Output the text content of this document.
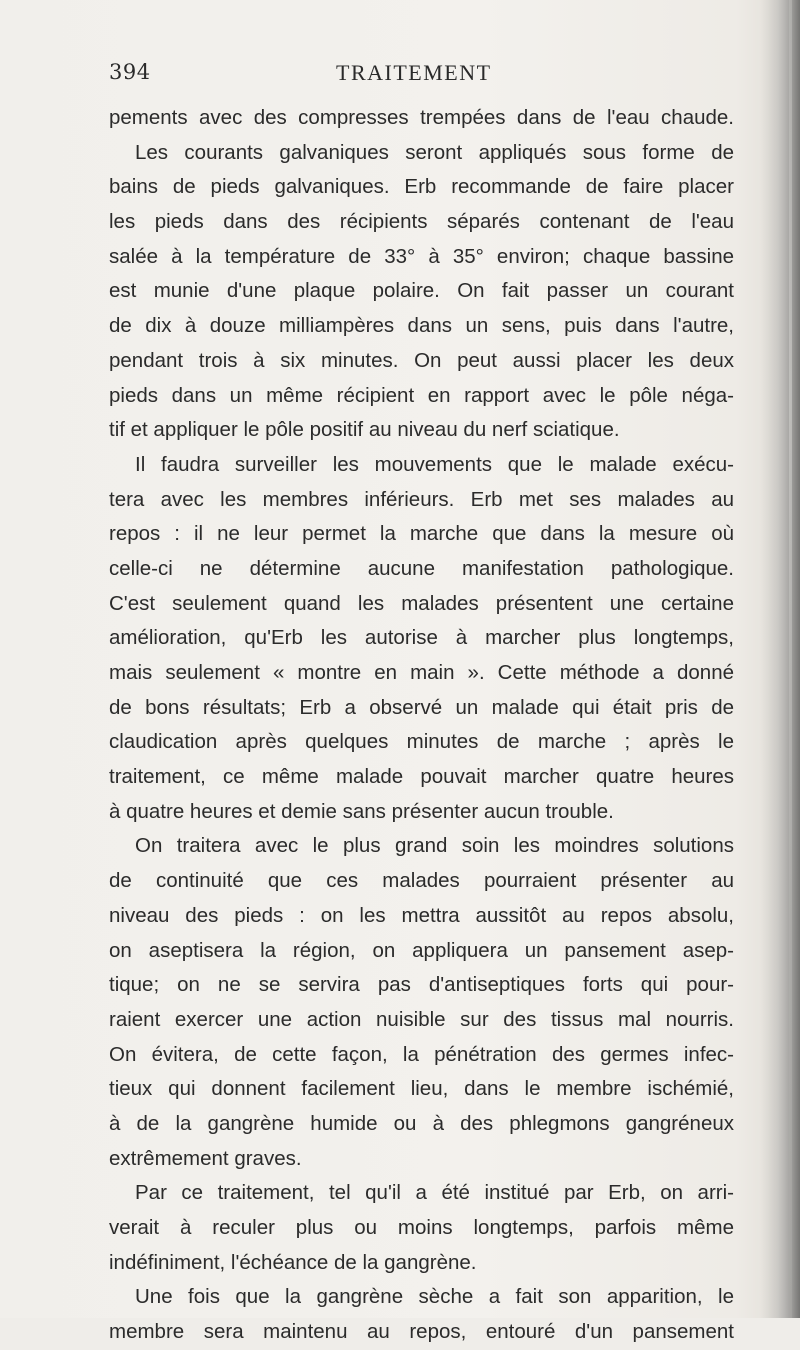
394	TRAITEMENT
pements avec des compresses trempées dans de l'eau chaude.
Les courants galvaniques seront appliqués sous forme de
bains de pieds galvaniques. Erb recommande de faire placer
les pieds dans des récipients séparés contenant de l'eau
salée à la température de 33° à 35° environ; chaque bassine
est munie d'une plaque polaire. On fait passer un courant
de dix à douze milliampères dans un sens, puis dans l'autre,
pendant trois à six minutes. On peut aussi placer les deux
pieds dans un même récipient en rapport avec le pôle néga-
tif et appliquer le pôle positif au niveau du nerf sciatique.
Il faudra surveiller les mouvements que le malade exécu-
tera avec les membres inférieurs. Erb met ses malades au
repos : il ne leur permet la marche que dans la mesure où
celle-ci ne détermine aucune manifestation pathologique.
C'est seulement quand les malades présentent une certaine
amélioration, qu'Erb les autorise à marcher plus longtemps,
mais seulement « montre en main ». Cette méthode a donné
de bons résultats; Erb a observé un malade qui était pris de
claudication après quelques minutes de marche ; après le
traitement, ce même malade pouvait marcher quatre heures
à quatre heures et demie sans présenter aucun trouble.
On traitera avec le plus grand soin les moindres solutions
de continuité que ces malades pourraient présenter au
niveau des pieds : on les mettra aussitôt au repos absolu,
on aseptisera la région, on appliquera un pansement asep-
tique; on ne se servira pas d'antiseptiques forts qui pour-
raient exercer une action nuisible sur des tissus mal nourris.
On évitera, de cette façon, la pénétration des germes infec-
tieux qui donnent facilement lieu, dans le membre ischémié,
à de la gangrène humide ou à des phlegmons gangréneux
extrêmement graves.
Par ce traitement, tel qu'il a été institué par Erb, on arri-
verait à reculer plus ou moins longtemps, parfois même
indéfiniment, l'échéance de la gangrène.
Une fois que la gangrène sèche a fait son apparition, le
membre sera maintenu au repos, entouré d'un pansement
